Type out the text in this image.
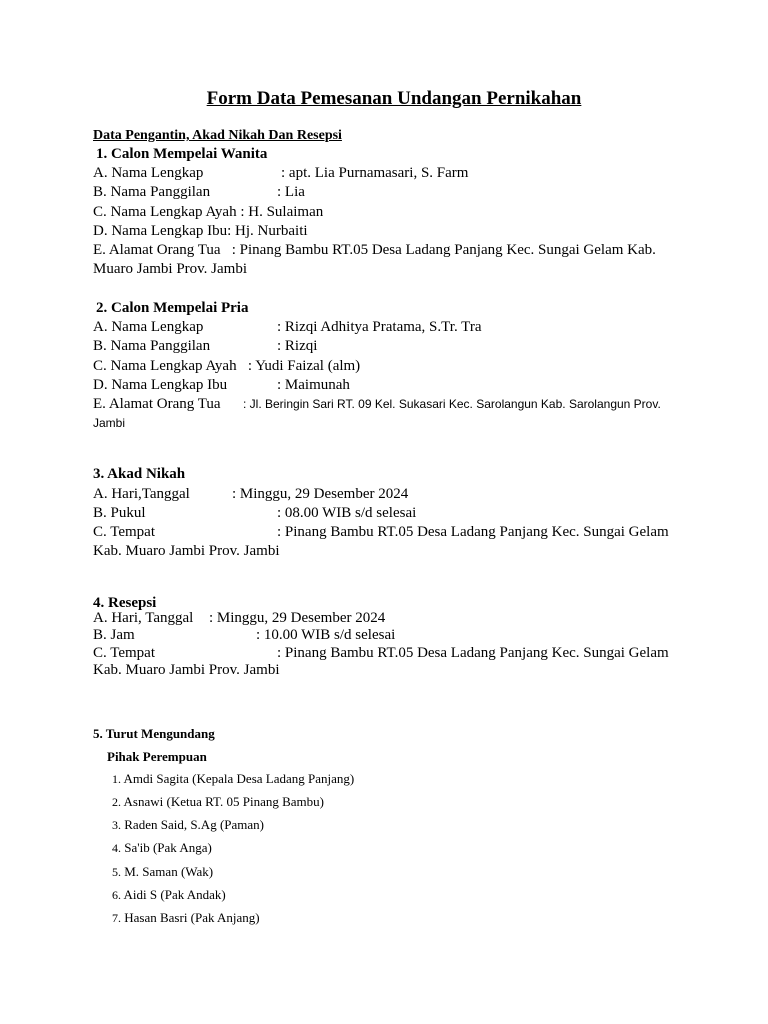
Form Data Pemesanan Undangan Pernikahan
Data Pengantin, Akad Nikah Dan Resepsi
1. Calon Mempelai Wanita
A. Nama Lengkap	: apt. Lia Purnamasari, S. Farm
B. Nama Panggilan	: Lia
C. Nama Lengkap Ayah : H. Sulaiman
D. Nama Lengkap Ibu: Hj. Nurbaiti
E. Alamat Orang Tua : Pinang Bambu RT.05 Desa Ladang Panjang Kec. Sungai Gelam Kab.
Muaro Jambi Prov. Jambi
2. Calon Mempelai Pria
A. Nama Lengkap	: Rizqi Adhitya Pratama, S.Tr. Tra
B. Nama Panggilan	: Rizqi
C. Nama Lengkap Ayah : Yudi Faizal (alm)
D. Nama Lengkap Ibu	: Maimunah
E. Alamat Orang Tua : Jl. Beringin Sari RT. 09 Kel. Sukasari Kec. Sarolangun Kab. Sarolangun Prov.
Jambi
3. Akad Nikah
A. Hari,Tanggal	: Minggu, 29 Desember 2024
B. Pukul	: 08.00 WIB s/d selesai
C. Tempat	: Pinang Bambu RT.05 Desa Ladang Panjang Kec. Sungai Gelam
Kab. Muaro Jambi Prov. Jambi
4. Resepsi
A. Hari, Tanggal : Minggu, 29 Desember 2024
B. Jam	: 10.00 WIB s/d selesai
C. Tempat	: Pinang Bambu RT.05 Desa Ladang Panjang Kec. Sungai Gelam
Kab. Muaro Jambi Prov. Jambi
5. Turut Mengundang
Pihak Perempuan
1. Amdi Sagita (Kepala Desa Ladang Panjang)
2. Asnawi (Ketua RT. 05 Pinang Bambu)
3. Raden Said, S.Ag (Paman)
4. Sa'ib (Pak Anga)
5. M. Saman (Wak)
6. Aidi S (Pak Andak)
7. Hasan Basri (Pak Anjang)
